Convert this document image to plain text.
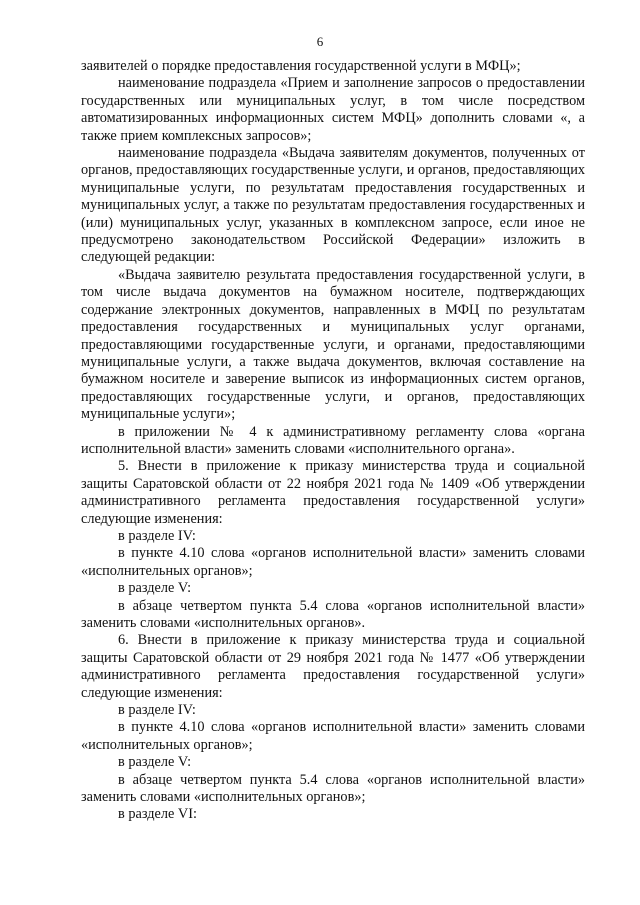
6

заявителей о порядке предоставления государственной услуги в МФЦ»;

наименование подраздела «Прием и заполнение запросов о предоставлении государственных или муниципальных услуг, в том числе посредством автоматизированных информационных систем МФЦ» дополнить словами «, а также прием комплексных запросов»;

наименование подраздела «Выдача заявителям документов, полученных от органов, предоставляющих государственные услуги, и органов, предоставляющих муниципальные услуги, по результатам предоставления государственных и муниципальных услуг, а также по результатам предоставления государственных и (или) муниципальных услуг, указанных в комплексном запросе, если иное не предусмотрено законодательством Российской Федерации» изложить в следующей редакции:

«Выдача заявителю результата предоставления государственной услуги, в том числе выдача документов на бумажном носителе, подтверждающих содержание электронных документов, направленных в МФЦ по результатам предоставления государственных и муниципальных услуг органами, предоставляющими государственные услуги, и органами, предоставляющими муниципальные услуги, а также выдача документов, включая составление на бумажном носителе и заверение выписок из информационных систем органов, предоставляющих государственные услуги, и органов, предоставляющих муниципальные услуги»;

в приложении № 4 к административному регламенту слова «органа исполнительной власти» заменить словами «исполнительного органа».

5. Внести в приложение к приказу министерства труда и социальной защиты Саратовской области от 22 ноября 2021 года № 1409 «Об утверждении административного регламента предоставления государственной услуги» следующие изменения:

в разделе IV:

в пункте 4.10 слова «органов исполнительной власти» заменить словами «исполнительных органов»;

в разделе V:

в абзаце четвертом пункта 5.4 слова «органов исполнительной власти» заменить словами «исполнительных органов».

6. Внести в приложение к приказу министерства труда и социальной защиты Саратовской области от 29 ноября 2021 года № 1477 «Об утверждении административного регламента предоставления государственной услуги» следующие изменения:

в разделе IV:

в пункте 4.10 слова «органов исполнительной власти» заменить словами «исполнительных органов»;

в разделе V:

в абзаце четвертом пункта 5.4 слова «органов исполнительной власти» заменить словами «исполнительных органов»;

в разделе VI:
